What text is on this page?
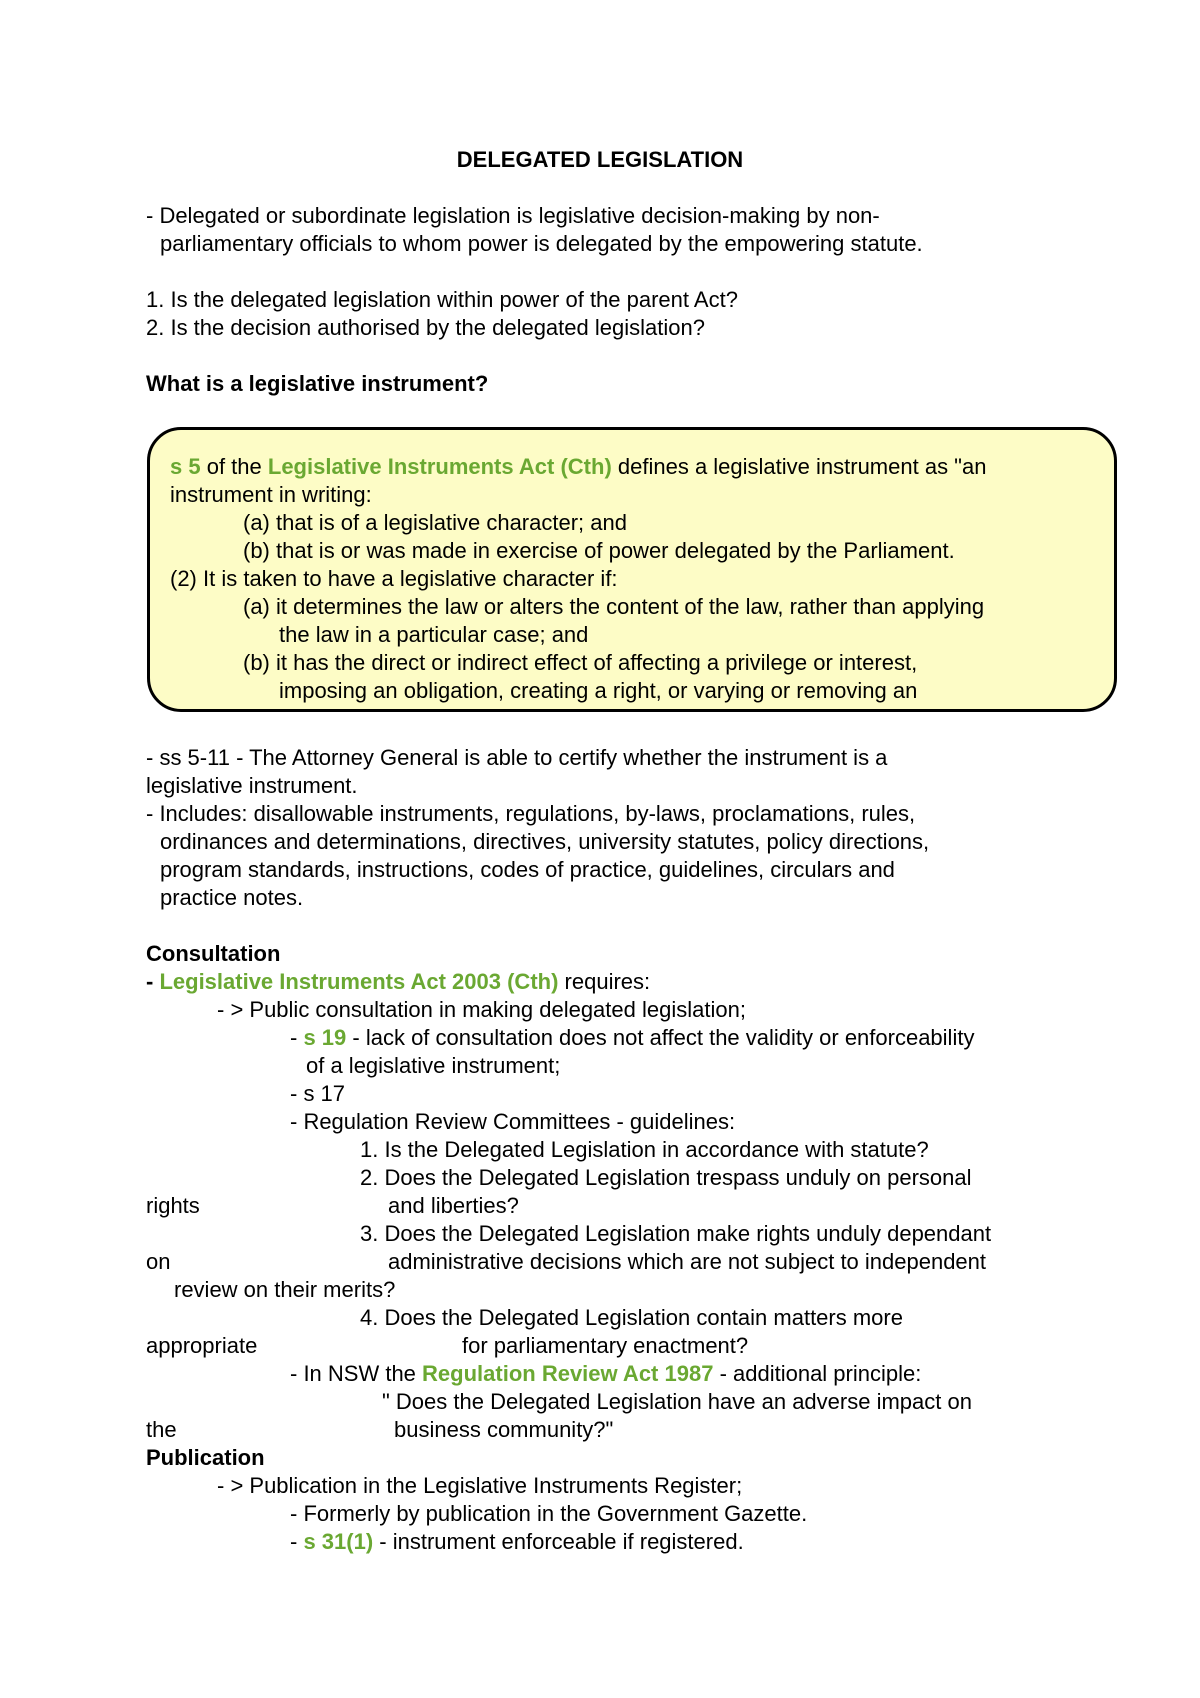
DELEGATED LEGISLATION
- Delegated or subordinate legislation is legislative decision-making by non-
parliamentary officials to whom power is delegated by the empowering statute.
1. Is the delegated legislation within power of the parent Act?
2. Is the decision authorised by the delegated legislation?
What is a legislative instrument?
s 5 of the Legislative Instruments Act (Cth) defines a legislative instrument as "an
instrument in writing:
(a) that is of a legislative character; and
(b) that is or was made in exercise of power delegated by the Parliament.
(2) It is taken to have a legislative character if:
(a) it determines the law or alters the content of the law, rather than applying
the law in a particular case; and
(b) it has the direct or indirect effect of affecting a privilege or interest,
imposing an obligation, creating a right, or varying or removing an
- ss 5-11 - The Attorney General is able to certify whether the instrument is a
legislative instrument.
- Includes: disallowable instruments, regulations, by-laws, proclamations, rules,
ordinances and determinations, directives, university statutes, policy directions,
program standards, instructions, codes of practice, guidelines, circulars and
practice notes.
Consultation
- Legislative Instruments Act 2003 (Cth) requires:
- > Public consultation in making delegated legislation;
- s 19 - lack of consultation does not affect the validity or enforceability
of a legislative instrument;
- s 17
- Regulation Review Committees - guidelines:
1. Is the Delegated Legislation in accordance with statute?
2. Does the Delegated Legislation trespass unduly on personal
rights	and liberties?
3. Does the Delegated Legislation make rights unduly dependant
on	administrative decisions which are not subject to independent
review on their merits?
4. Does the Delegated Legislation contain matters more
appropriate	for parliamentary enactment?
- In NSW the Regulation Review Act 1987 - additional principle:
" Does the Delegated Legislation have an adverse impact on
the	business community?"
Publication
- > Publication in the Legislative Instruments Register;
- Formerly by publication in the Government Gazette.
- s 31(1) - instrument enforceable if registered.
